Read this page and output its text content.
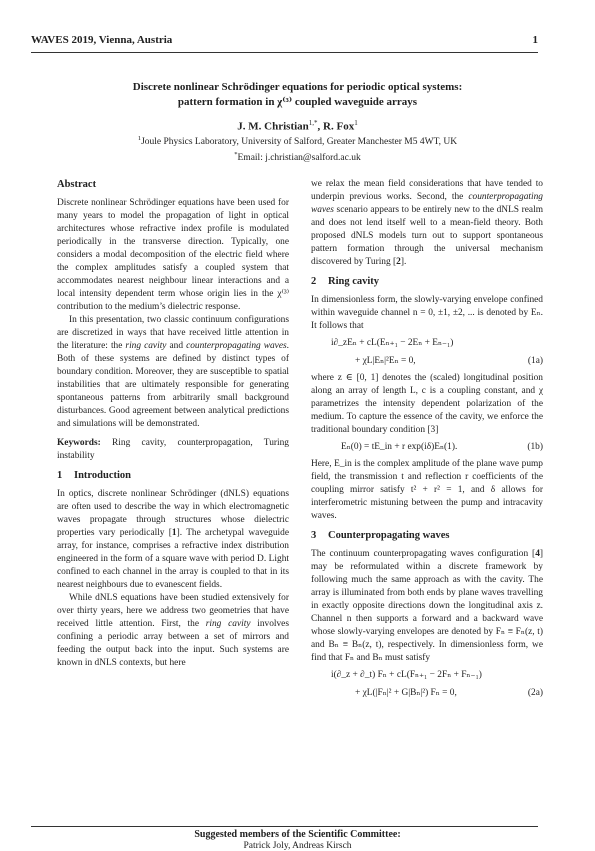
WAVES 2019, Vienna, Austria	1
Discrete nonlinear Schrödinger equations for periodic optical systems:
pattern formation in χ⁽³⁾ coupled waveguide arrays
J. M. Christian$^{1,*}$, R. Fox$^1$
$^1$Joule Physics Laboratory, University of Salford, Greater Manchester M5 4WT, UK
*Email: j.christian@salford.ac.uk
Abstract

Discrete nonlinear Schrödinger equations have been used for many years to model the propagation of light in optical architectures whose refractive index profile is modulated periodically in the transverse direction. Typically, one considers a modal decomposition of the electric field where the complex amplitudes satisfy a coupled system that accommodates nearest neighbour linear interactions and a local intensity dependent term whose origin lies in the χ⁽³⁾ contribution to the medium’s dielectric response.

In this presentation, two classic continuum configurations are discretized in ways that have received little attention in the literature: the ring cavity and counterpropagating waves. Both of these systems are defined by distinct types of boundary condition. Moreover, they are susceptible to spatial instabilities that are ultimately responsible for generating spontaneous patterns from arbitrarily small background disturbances. Good agreement between analytical predictions and simulations will be demonstrated.

Keywords: Ring cavity, counterpropagation, Turing instability

1 Introduction

In optics, discrete nonlinear Schrödinger (dNLS) equations are often used to describe the way in which electromagnetic waves propagate through structures whose dielectric properties vary periodically [1]. The archetypal waveguide array, for instance, comprises a refractive index distribution engineered in the form of a square wave with period D. Light confined to each channel in the array is coupled to that in its nearest neighbours due to evanescent fields.

While dNLS equations have been studied extensively for over thirty years, here we address two geometries that have received little attention. First, the ring cavity involves confining a periodic array between a set of mirrors and feeding the output back into the input. Such systems are known in dNLS contexts, but here

we relax the mean field considerations that have tended to underpin previous works. Second, the counterpropagating waves scenario appears to be entirely new to the dNLS realm and does not lend itself well to a mean-field theory. Both proposed dNLS models turn out to support spontaneous pattern formation through the universal mechanism discovered by Turing [2].

2 Ring cavity

In dimensionless form, the slowly-varying envelope confined within waveguide channel n = 0, ±1, ±2, ... is denoted by Eₙ. It follows that

i∂_zEₙ + cL(Eₙ₊₁ − 2Eₙ + Eₙ₋₁)
+ χL|Eₙ|²Eₙ = 0,	(1a)

where z ∈ [0, 1] denotes the (scaled) longitudinal position along an array of length L, c is a coupling constant, and χ parametrizes the intensity dependent polarization of the medium. To capture the essence of the cavity, we enforce the traditional boundary condition [3]

Eₙ(0) = tE_in + r exp(iδ)Eₙ(1).	(1b)

Here, E_in is the complex amplitude of the plane wave pump field, the transmission t and reflection r coefficients of the coupling mirror satisfy t² + r² = 1, and δ allows for interferometric mistuning between the pump and intracavity waves.

3 Counterpropagating waves

The continuum counterpropagating waves configuration [4] may be reformulated within a discrete framework by following much the same approach as with the cavity. The array is illuminated from both ends by plane waves travelling in exactly opposite directions down the longitudinal axis z. Channel n then supports a forward and a backward wave whose slowly-varying envelopes are denoted by Fₙ ≡ Fₙ(z, t) and Bₙ ≡ Bₙ(z, t), respectively. In dimensionless form, we find that Fₙ and Bₙ must satisfy

i(∂_z + ∂_t) Fₙ + cL(Fₙ₊₁ − 2Fₙ + Fₙ₋₁)
+ χL(|Fₙ|² + G|Bₙ|²) Fₙ = 0,	(2a)
Suggested members of the Scientific Committee:
Patrick Joly, Andreas Kirsch
